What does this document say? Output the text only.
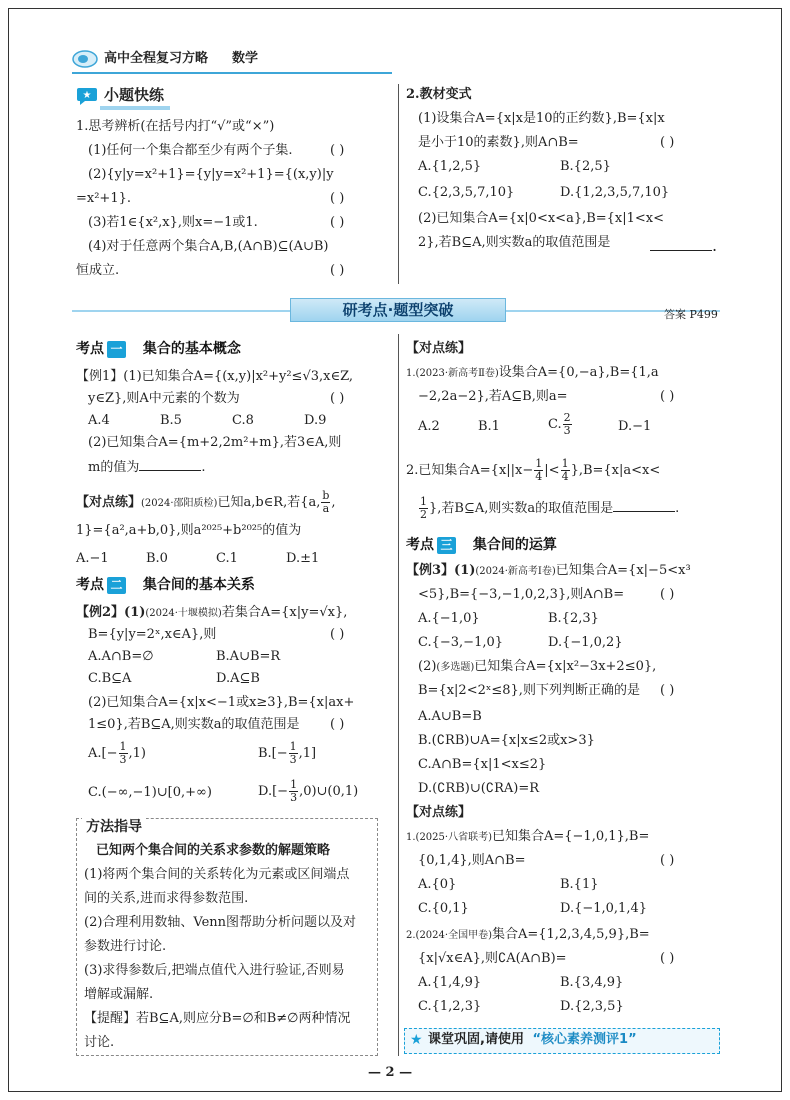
高中全程复习方略 数学
★ 小题快练
1.思考辨析(在括号内打“√”或“×”)
(1)任何一个集合都至少有两个子集.	( )
(2){y|y=x²+1}={y|y=x²+1}={(x,y)|y
=x²+1}.	( )
(3)若1∈{x²,x},则x=−1或1.	( )
(4)对于任意两个集合A,B,(A∩B)⊆(A∪B)
恒成立.	( )
2.教材变式
(1)设集合A={x|x是10的正约数},B={x|x
是小于10的素数},则A∩B=	( )
A.{1,2,5}	B.{2,5}
C.{2,3,5,7,10}	D.{1,2,3,5,7,10}
(2)已知集合A={x|0<x<a},B={x|1<x<
2},若B⊆A,则实数a的取值范围是	.
研考点·题型突破	答案 P499
考点 一 集合的基本概念
【例1】(1)已知集合A={(x,y)|x²+y²≤√3,x∈Z,
y∈Z},则A中元素的个数为	( )
A.4	B.5	C.8	D.9
(2)已知集合A={m+2,2m²+m},若3∈A,则
m的值为	.
【对点练】(2024·邵阳质检)已知a,b∈R,若{a, $\frac{b}{a}$ ,
1}={a²,a+b,0},则a²⁰²⁵+b²⁰²⁵的值为
A.−1	B.0	C.1	D.±1
考点 二 集合间的基本关系
【例2】(1)(2024·十堰模拟)若集合A={x|y=√x},
B={y|y=2ˣ,x∈A},则	( )
A.A∩B=∅	B.A∪B=R
C.B⊆A	D.A⊆B
(2)已知集合A={x|x<−1或x≥3},B={x|ax+
1≤0},若B⊆A,则实数a的取值范围是 ( )
$A.[- \frac{1}{3} ,1)$	$B.[- \frac{1}{3} ,1]$
C.(−∞,−1)∪[0,+∞)	$D.[- \frac{1}{3}$ ,0)∪(0,1)
方法指导
已知两个集合间的关系求参数的解题策略
(1)将两个集合间的关系转化为元素或区间端点
间的关系,进而求得参数范围.
(2)合理利用数轴、Venn图帮助分析问题以及对
参数进行讨论.
(3)求得参数后,把端点值代入进行验证,否则易
增解或漏解.
【提醒】若B⊆A,则应分B=∅和B≠∅两种情况
讨论.
【对点练】
1.(2023·新高考Ⅱ卷)设集合A={0,−a},B={1,a
−2,2a−2},若A⊆B,则a=	( )
A.2	B.1	C. $\frac{2}{3}$	D.−1
2.已知集合$A=\{x||x- \frac{1}{4}$ |< $\frac{1}{4} \},B=\{x|a<x<$
$\frac{1}{2}$ },若B⊆A,则实数a的取值范围是	.
考点 三 集合间的运算
【例3】(1)(2024·新高考Ⅰ卷)已知集合A={x|−5<x³
<5},B={−3,−1,0,2,3},则A∩B=	( )
A.{−1,0}	B.{2,3}
C.{−3,−1,0}	D.{−1,0,2}
(2)(多选题)已知集合A={x|x²−3x+2≤0},
B={x|2<2ˣ≤8},则下列判断正确的是 ( )
A.A∪B=B
B.(∁RB)∪A={x|x≤2或x>3}
C.A∩B={x|1<x≤2}
D.(∁RB)∪(∁RA)=R
【对点练】
1.(2025·八省联考)已知集合A={−1,0,1},B=
{0,1,4},则A∩B=	( )
A.{0}	B.{1}
C.{0,1}	D.{−1,0,1,4}
2.(2024·全国甲卷)集合A={1,2,3,4,5,9},B=
{x|√x∈A},则∁A(A∩B)=	( )
A.{1,4,9}	B.{3,4,9}
C.{1,2,3}	D.{2,3,5}
★ 课堂巩固,请使用 “核心素养测评1”
— 2 —
